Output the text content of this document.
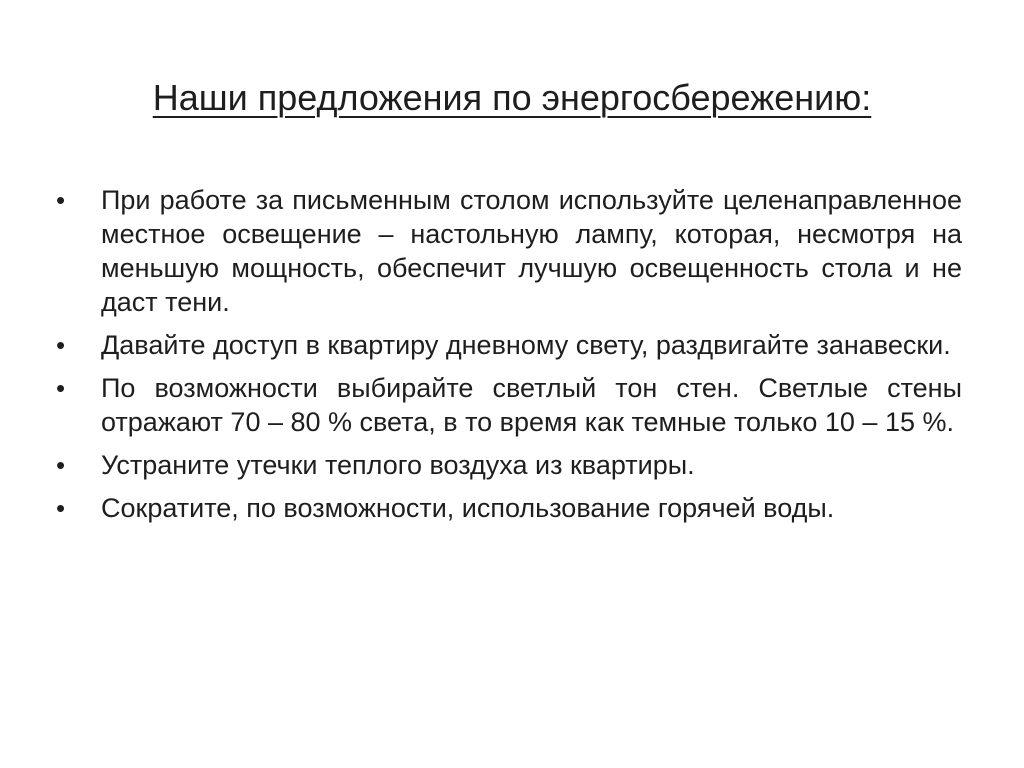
Наши предложения по энергосбережению:
• При работе за письменным столом используйте целенаправленное местное освещение – настольную лампу, которая, несмотря на меньшую мощность, обеспечит лучшую освещенность стола и не даст тени.
• Давайте доступ в квартиру дневному свету, раздвигайте занавески.
• По возможности выбирайте светлый тон стен. Светлые стены отражают 70 – 80 % света, в то время как темные только 10 – 15 %.
• Устраните утечки теплого воздуха из квартиры.
• Сократите, по возможности, использование горячей воды.
